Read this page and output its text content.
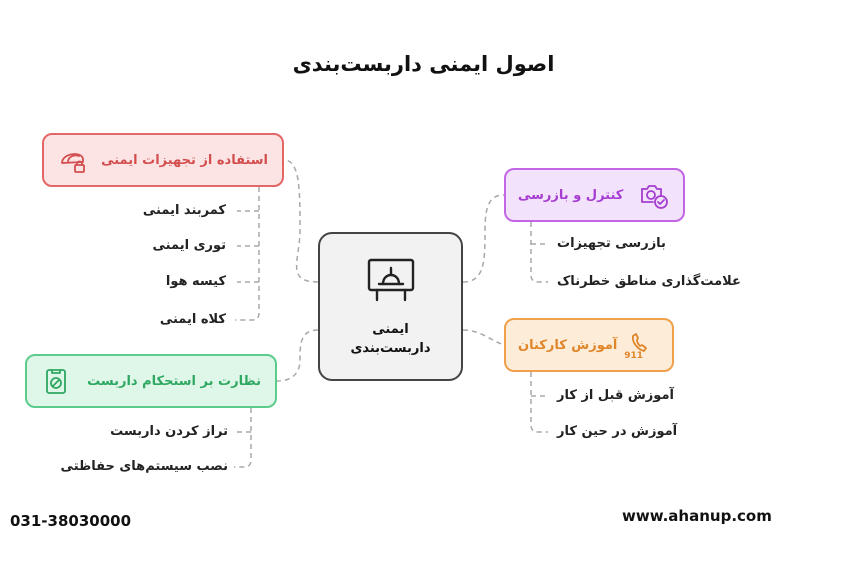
اصول ایمنی داربست‌بندی
ایمنی داربست‌بندی
استفاده از تجهیزات ایمنی
کمربند ایمنی
توری ایمنی
کیسه هوا
کلاه ایمنی
نظارت بر استحکام داربست
تراز کردن داربست
نصب سیستم‌های حفاظتی
کنترل و بازرسی
بازرسی تجهیزات
علامت‌گذاری مناطق خطرناک
آموزش کارکنان
911
آموزش قبل از کار
آموزش در حین کار
031-38030000	www.ahanup.com
